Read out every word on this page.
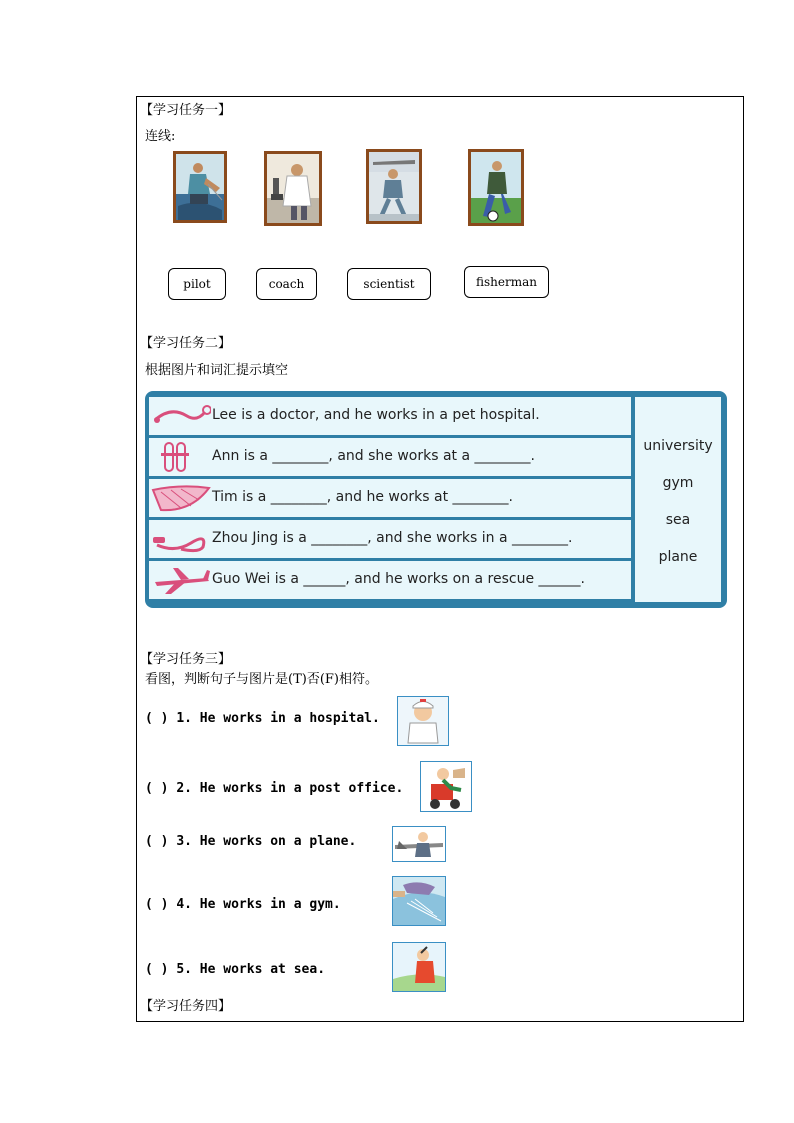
【学习任务一】
连线:
pilot	coach	scientist	fisherman
【学习任务二】
根据图片和词汇提示填空
Lee is a doctor, and he works in a pet hospital.
Ann is a ________, and she works at a ________.
Tim is a ________, and he works at ________.
Zhou Jing is a ________, and she works in a ________.
Guo Wei is a ______, and he works on a rescue ______.
university
gym
sea
plane
【学习任务三】
看图，判断句子与图片是(T)否(F)相符。
( ) 1. He works in a hospital.
( ) 2. He works in a post office.
( ) 3. He works on a plane.
( ) 4. He works in a gym.
( ) 5. He works at sea.
【学习任务四】
